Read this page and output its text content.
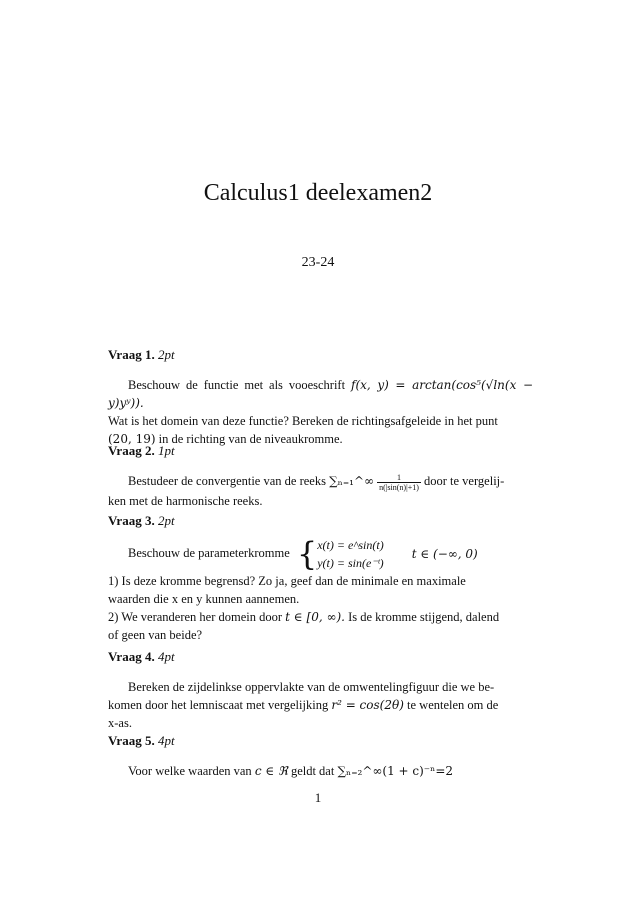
Calculus1 deelexamen2
23-24
Vraag 1. 2pt
Beschouw de functie met als vooeschrift f(x, y) = arctan(cos⁵(√ln(x − y)yʸ)).
Wat is het domein van deze functie? Bereken de richtingsafgeleide in het punt
(20, 19) in de richting van de niveaukromme.
Vraag 2. 1pt
Bestudeer de convergentie van de reeks ∑ₙ₌₁^∞ $\frac{1}{n(|\sin(n)|+1)}$ door te vergelij-
ken met de harmonische reeks.
Vraag 3. 2pt
Beschouw de parameterkromme { x(t) = e^sin(t)
y(t) = sin(e⁻ᵗ)
t ∈ (−∞, 0)

1) Is deze kromme begrensd? Zo ja, geef dan de minimale en maximale
waarden die x en y kunnen aannemen.
2) We veranderen her domein door t ∈ [0, ∞). Is de kromme stijgend, dalend
of geen van beide?
Vraag 4. 4pt
Bereken de zijdelinkse oppervlakte van de omwentelingfiguur die we be-
komen door het lemniscaat met vergelijking r² = cos(2θ) te wentelen om de
x-as.
Vraag 5. 4pt
Voor welke waarden van c ∈ ℜ geldt dat ∑ₙ₌₂^∞(1 + c)⁻ⁿ=2
1
